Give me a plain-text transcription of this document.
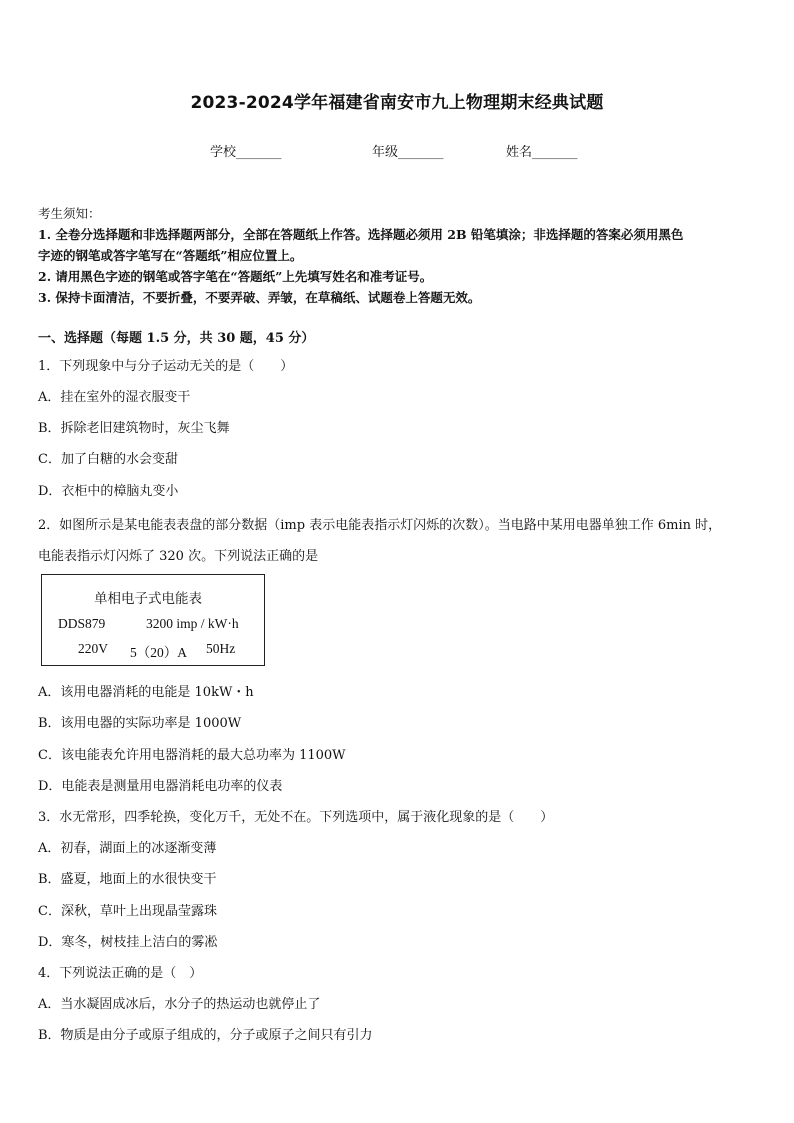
2023-2024学年福建省南安市九上物理期末经典试题
学校_______	年级_______	姓名_______
考生须知：
1. 全卷分选择题和非选择题两部分，全部在答题纸上作答。选择题必须用 2B 铅笔填涂；非选择题的答案必须用黑色
字迹的钢笔或答字笔写在“答题纸”相应位置上。
2. 请用黑色字迹的钢笔或答字笔在“答题纸”上先填写姓名和准考证号。
3. 保持卡面清洁，不要折叠，不要弄破、弄皱，在草稿纸、试题卷上答题无效。
一、选择题（每题 1.5 分，共 30 题，45 分）
1．下列现象中与分子运动无关的是（　　）
A．挂在室外的湿衣服变干
B．拆除老旧建筑物时，灰尘飞舞
C．加了白糖的水会变甜
D．衣柜中的樟脑丸变小
2．如图所示是某电能表表盘的部分数据（imp 表示电能表指示灯闪烁的次数）。当电路中某用电器单独工作 6min 时，
电能表指示灯闪烁了 320 次。下列说法正确的是
单相电子式电能表
DDS879	3200 imp / kW·h
220V 5（20）A 50Hz
A．该用电器消耗的电能是 10kW・h
B．该用电器的实际功率是 1000W
C．该电能表允许用电器消耗的最大总功率为 1100W
D．电能表是测量用电器消耗电功率的仪表
3．水无常形，四季轮换，变化万千，无处不在。下列选项中，属于液化现象的是（　　）
A．初春，湖面上的冰逐渐变薄
B．盛夏，地面上的水很快变干
C．深秋，草叶上出现晶莹露珠
D．寒冬，树枝挂上洁白的雾凇
4．下列说法正确的是（　）
A．当水凝固成冰后，水分子的热运动也就停止了
B．物质是由分子或原子组成的，分子或原子之间只有引力
